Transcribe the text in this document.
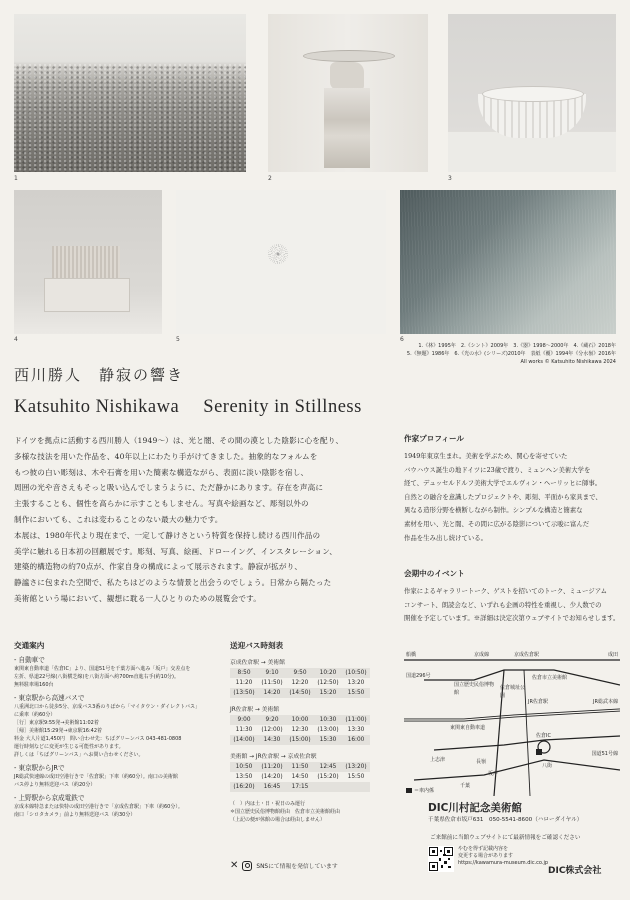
1	2	3
4	5	6
1.《林》1995年　2.《シント》2009年　3.《器》1998〜2000年　4.《蔵石》2018年
5.《無題》1986年　6.《光の水》(シリーズ)2010年　表紙《覆》1994年《分水嶺》2016年
All works © Katsuhito Nishikawa 2024
西川勝人　静寂の響き
Katsuhito Nishikawa　 Serenity in Stillness
ドイツを拠点に活動する西川勝人（1949〜）は、光と闇、その間の漠とした陰影に心を配り、
多様な技法を用いた作品を、40年以上にわたり手がけてきました。抽象的なフォルムを
もつ彼の白い彫刻は、木や石膏を用いた簡素な構造ながら、表面に淡い陰影を宿し、
周囲の光や音さえもそっと吸い込んでしまうように、ただ静かにあります。存在を声高に
主張することも、個性を高らかに示すこともしません。写真や絵画など、彫刻以外の
制作においても、これは変わることのない最大の魅力です。
本展は、1980年代より現在まで、一定して静けさという特質を保持し続ける西川作品の
美学に触れる日本初の回顧展です。彫刻、写真、絵画、ドローイング、インスタレーション、
建築的構造物の約70点が、作家自身の構成によって展示されます。静寂が拡がり、
静謐さに包まれた空間で、私たちはどのような情景と出会うのでしょう。日常から隔たった
美術館という場において、観想に耽る一人ひとりのための展覧会です。
作家プロフィール
1949年東京生まれ。美術を学ぶため、関心を寄せていた
バウハウス誕生の地ドイツに23歳で渡り、ミュンヘン美術大学を
経て、デュッセルドルフ美術大学でエルヴィン・ヘーリッヒに師事。
自然との融合を意識したプロジェクトや、彫刻、平面から家具まで、
異なる造形分野を横断しながら制作。シンプルな構造と簡素な
素材を用い、光と闇、その間に広がる陰影について示唆に富んだ
作品を生み出し続けている。
会期中のイベント
作家によるギャラリートーク、ゲストを招いてのトーク、ミュージアム
コンサート、朗読会など、いずれも企画の特性を重視し、少人数での
開催を予定しています。※詳細は決定次第ウェブサイトでお知らせします。
交通案内
- 自動車で
東関東自動車道「佐倉IC」より、国道51号を千葉方面へ進み「坂戸」交差点を
左折、県道22号線(八街横芝線)を八街方面へ約700m直進右手(約10分)。
無料駐車場160台
- 東京駅から高速バスで
八重洲北口から徒歩5分、京成バス3番のりばから「マイタウン・ダイレクトバス」
に乗車（約60分）
［行］東京駅9:55発→美術館11:02着
［帰］美術館15:29発→東京駅16:42着
料金 大人片道1,450円　問い合わせ先：ちばグリーンバス 043-481-0808
運行時刻などに変更が生じる可能性があります。
詳しくは「ちばグリーンバス」へお問い合わせください。
- 東京駅からJRで
JR総武快速線の成田空港行きで「佐倉駅」下車（約60分）。南口の美術館
バス停より無料送迎バス（約20分）
- 上野駅から京成電鉄で
京成本線特急または快特の成田空港行きで「京成佐倉駅」下車（約60分）。
南口「シロタカメラ」前より無料送迎バス（約30分）
送迎バス時刻表
京成佐倉駅 → 美術館
8:50	9:10	9:50	10:20	(10:50)
11:20	(11:50)	12:20	(12:50)	13:20
(13:50)	14:20	(14:50)	15:20	15:50
JR佐倉駅 → 美術館
9:00	9:20	10:00	10:30	(11:00)
11:30	(12:00)	12:30	(13:00)	13:30
(14:00)	14:30	(15:00)	15:30	16:00
美術館 → JR佐倉駅 → 京成佐倉駅
10:50	(11:20)	11:50	12:45	(13:20)
13:50	(14:20)	14:50	(15:20)	15:50
(16:20)	16:45	17:15		
（　）内は土・日・祝日のみ運行
＊国立歴史民俗博物館経由　佐倉市立美術館経由
（上記の便が休館の場合は経由しません）
✕	SNSにて情報を発信しています
成田
船橋	京成線	京成佐倉駅
国道296号
国立歴史民俗博物館
佐倉城址公園
佐倉市立美術館
JR佐倉駅	JR総武本線
東関東自動車道
佐倉IC
国道51号線
上志津	長嶺
八街
坂戸
千葉
＝車内係
DIC川村記念美術館
千葉県佐倉市坂戸631　050-5541-8600（ハローダイヤル）
ご来館前に当館ウェブサイトにて最新情報をご確認ください
やむを得ず記載内容を
変更する場合があります
https://kawamura-museum.dic.co.jp
DIC株式会社
